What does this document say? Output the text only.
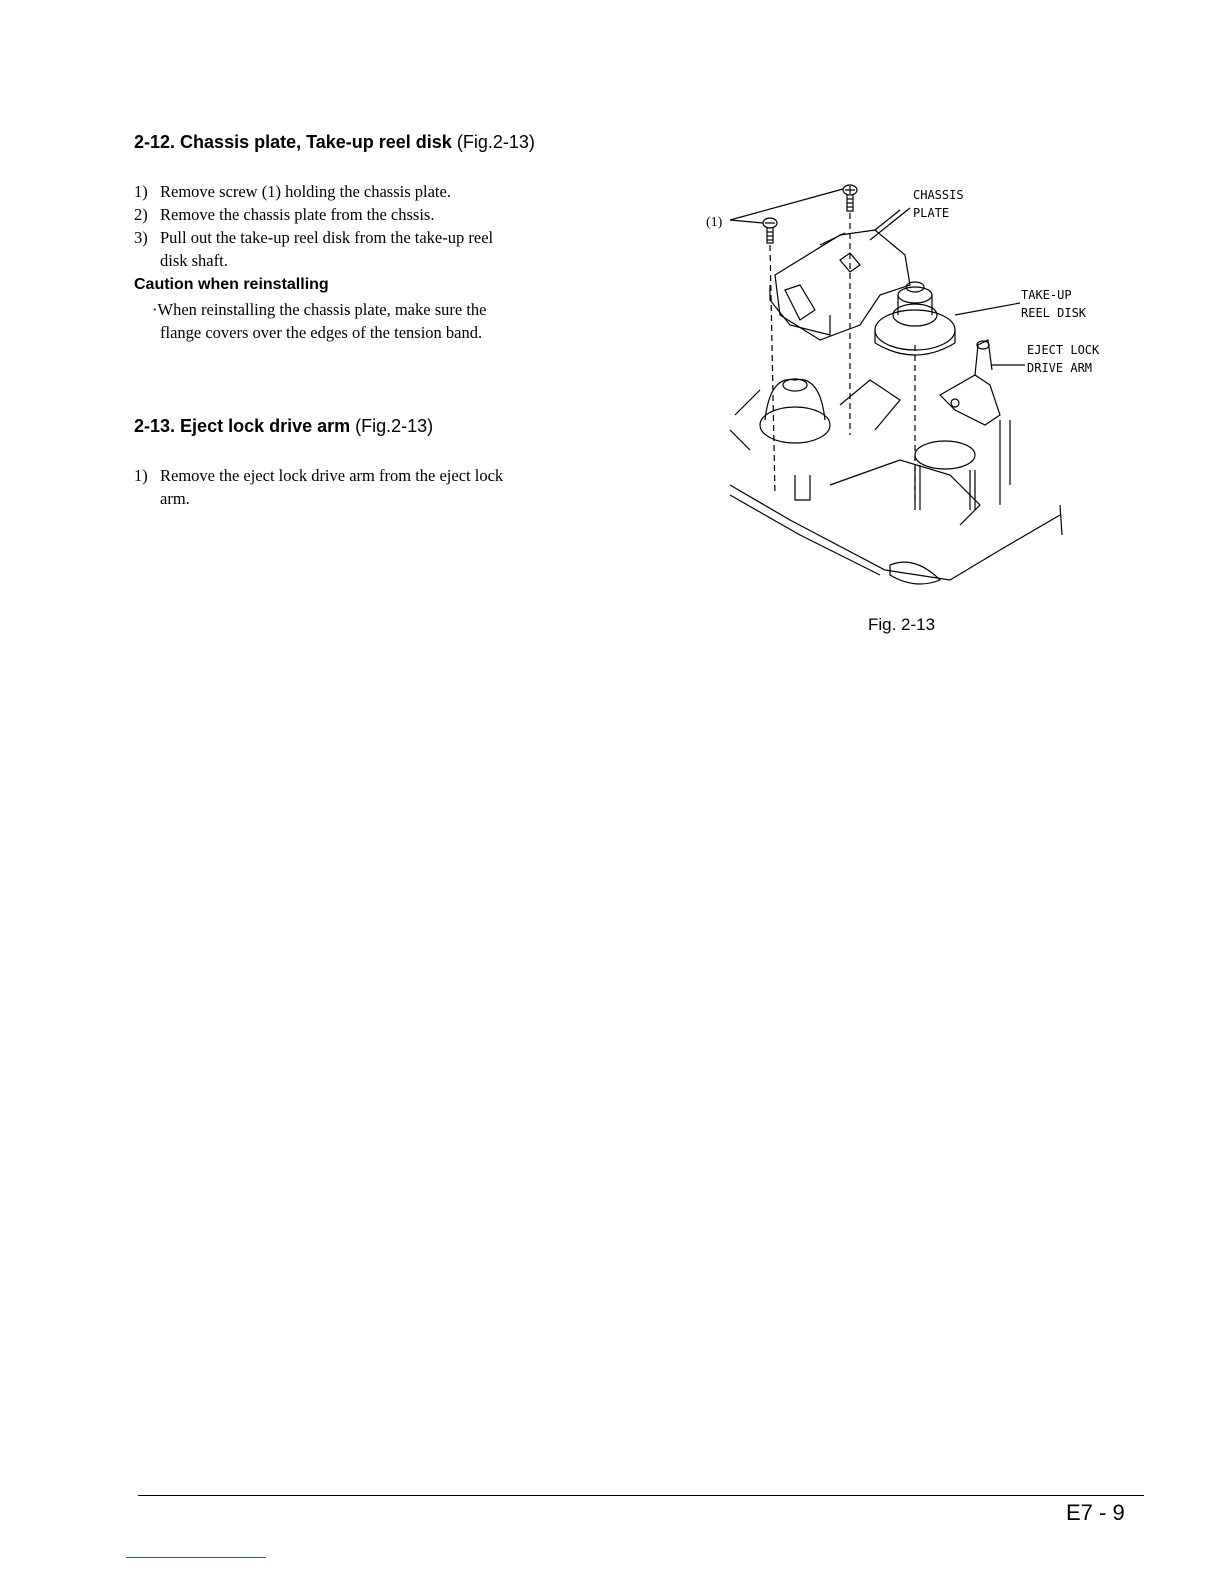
2-12. Chassis plate, Take-up reel disk (Fig.2-13)
1) Remove screw (1) holding the chassis plate.
2) Remove the chassis plate from the chssis.
3) Pull out the take-up reel disk from the take-up reel
disk shaft.
Caution when reinstalling
·When reinstalling the chassis plate, make sure the
flange covers over the edges of the tension band.
2-13. Eject lock drive arm (Fig.2-13)
1) Remove the eject lock drive arm from the eject lock
arm.
(1)
CHASSIS
PLATE
TAKE-UP
REEL DISK
EJECT LOCK
DRIVE ARM
Fig. 2-13
E7 - 9
